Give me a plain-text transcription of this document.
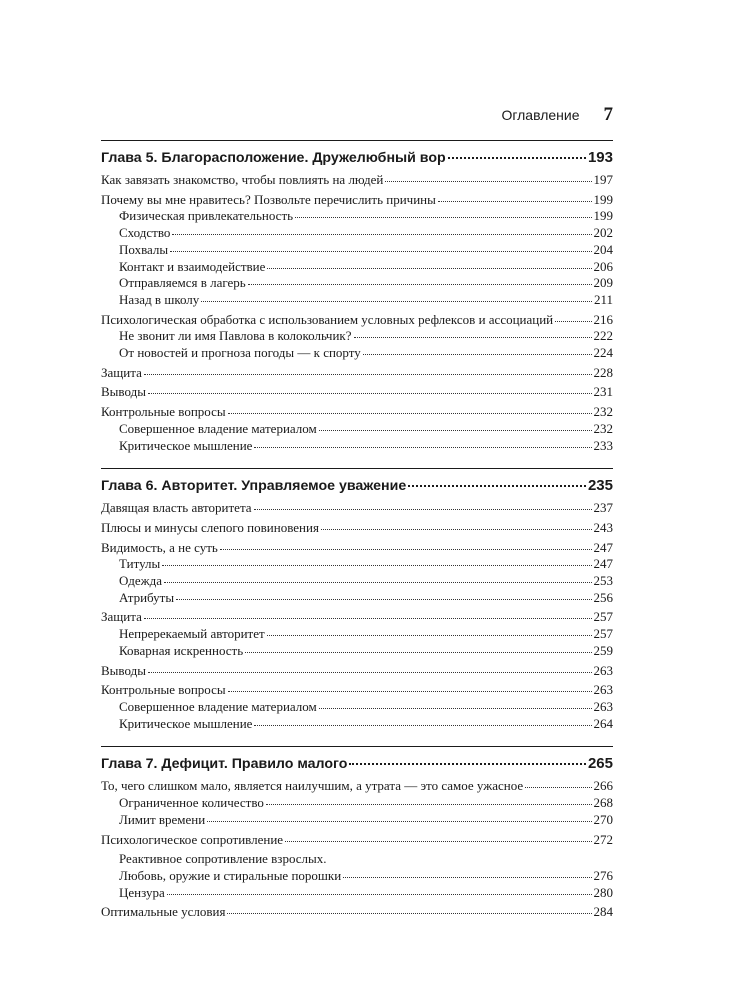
Оглавление 7
Глава 5. Благорасположение. Дружелюбный вор	193
Как завязать знакомство, чтобы повлиять на людей	197
Почему вы мне нравитесь? Позвольте перечислить причины	199
Физическая привлекательность	199
Сходство	202
Похвалы	204
Контакт и взаимодействие	206
Отправляемся в лагерь	209
Назад в школу	211
Психологическая обработка с использованием условных рефлексов и ассоциаций	216
Не звонит ли имя Павлова в колокольчик?	222
От новостей и прогноза погоды — к спорту	224
Защита	228
Выводы	231
Контрольные вопросы	232
Совершенное владение материалом	232
Критическое мышление	233
Глава 6. Авторитет. Управляемое уважение	235
Давящая власть авторитета	237
Плюсы и минусы слепого повиновения	243
Видимость, а не суть	247
Титулы	247
Одежда	253
Атрибуты	256
Защита	257
Непререкаемый авторитет	257
Коварная искренность	259
Выводы	263
Контрольные вопросы	263
Совершенное владение материалом	263
Критическое мышление	264
Глава 7. Дефицит. Правило малого	265
То, чего слишком мало, является наилучшим, а утрата — это самое ужасное	266
Ограниченное количество	268
Лимит времени	270
Психологическое сопротивление	272
Реактивное сопротивление взрослых.
Любовь, оружие и стиральные порошки	276
Цензура	280
Оптимальные условия	284
